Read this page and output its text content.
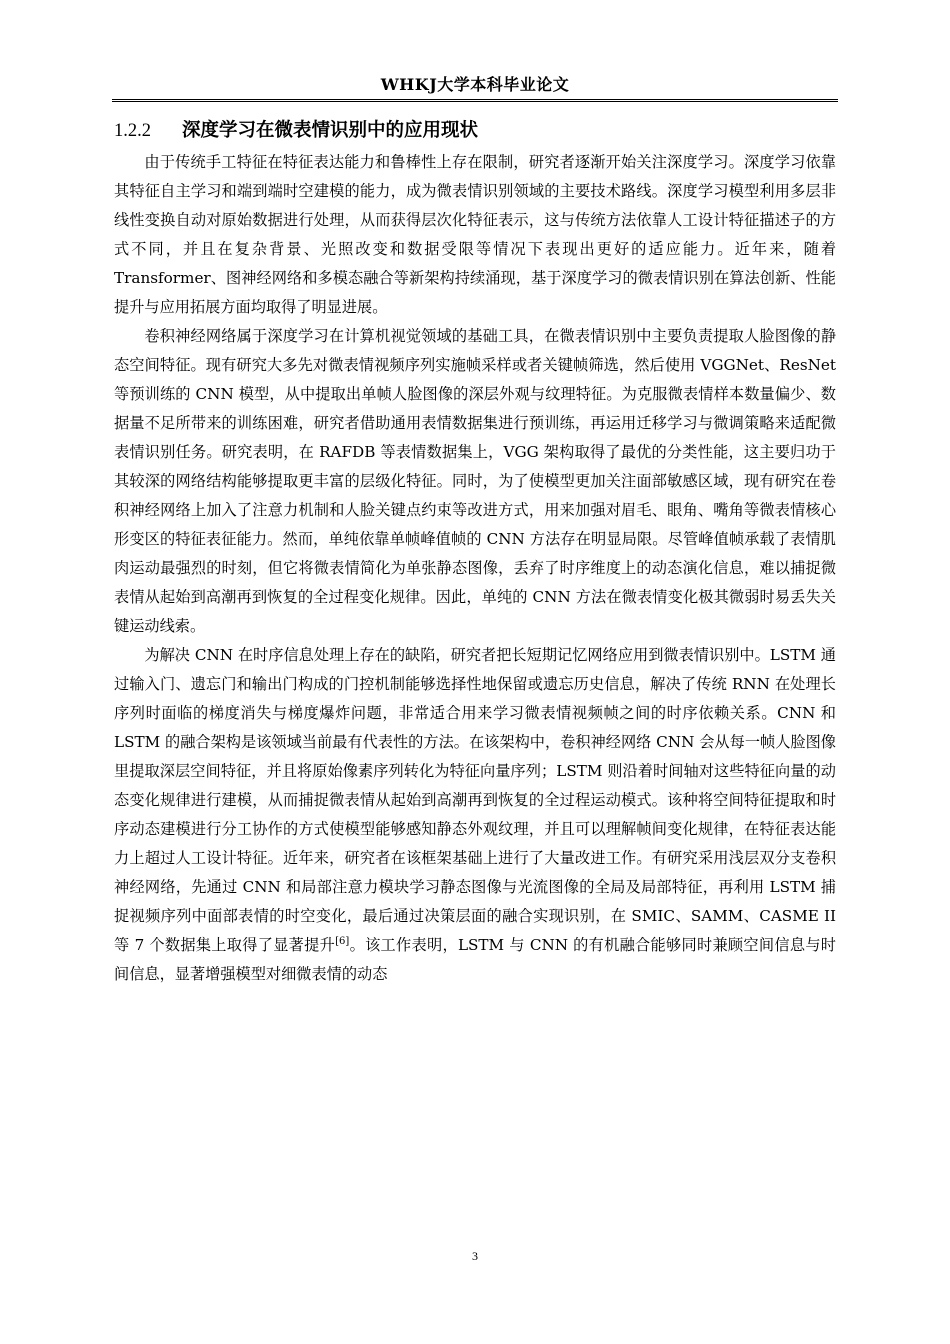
WHKJ大学本科毕业论文
1.2.2 深度学习在微表情识别中的应用现状

由于传统手工特征在特征表达能力和鲁棒性上存在限制，研究者逐渐开始关注深度学习。深度学习依靠其特征自主学习和端到端时空建模的能力，成为微表情识别领域的主要技术路线。深度学习模型利用多层非线性变换自动对原始数据进行处理，从而获得层次化特征表示，这与传统方法依靠人工设计特征描述子的方式不同，并且在复杂背景、光照改变和数据受限等情况下表现出更好的适应能力。近年来，随着 Transformer、图神经网络和多模态融合等新架构持续涌现，基于深度学习的微表情识别在算法创新、性能提升与应用拓展方面均取得了明显进展。

卷积神经网络属于深度学习在计算机视觉领域的基础工具，在微表情识别中主要负责提取人脸图像的静态空间特征。现有研究大多先对微表情视频序列实施帧采样或者关键帧筛选，然后使用 VGGNet、ResNet 等预训练的 CNN 模型，从中提取出单帧人脸图像的深层外观与纹理特征。为克服微表情样本数量偏少、数据量不足所带来的训练困难，研究者借助通用表情数据集进行预训练，再运用迁移学习与微调策略来适配微表情识别任务。研究表明，在 RAFDB 等表情数据集上，VGG 架构取得了最优的分类性能，这主要归功于其较深的网络结构能够提取更丰富的层级化特征。同时，为了使模型更加关注面部敏感区域，现有研究在卷积神经网络上加入了注意力机制和人脸关键点约束等改进方式，用来加强对眉毛、眼角、嘴角等微表情核心形变区的特征表征能力。然而，单纯依靠单帧峰值帧的 CNN 方法存在明显局限。尽管峰值帧承载了表情肌肉运动最强烈的时刻，但它将微表情简化为单张静态图像，丢弃了时序维度上的动态演化信息，难以捕捉微表情从起始到高潮再到恢复的全过程变化规律。因此，单纯的 CNN 方法在微表情变化极其微弱时易丢失关键运动线索。

为解决 CNN 在时序信息处理上存在的缺陷，研究者把长短期记忆网络应用到微表情识别中。LSTM 通过输入门、遗忘门和输出门构成的门控机制能够选择性地保留或遗忘历史信息，解决了传统 RNN 在处理长序列时面临的梯度消失与梯度爆炸问题，非常适合用来学习微表情视频帧之间的时序依赖关系。CNN 和 LSTM 的融合架构是该领域当前最有代表性的方法。在该架构中，卷积神经网络 CNN 会从每一帧人脸图像里提取深层空间特征，并且将原始像素序列转化为特征向量序列；LSTM 则沿着时间轴对这些特征向量的动态变化规律进行建模，从而捕捉微表情从起始到高潮再到恢复的全过程运动模式。该种将空间特征提取和时序动态建模进行分工协作的方式使模型能够感知静态外观纹理，并且可以理解帧间变化规律，在特征表达能力上超过人工设计特征。近年来，研究者在该框架基础上进行了大量改进工作。有研究采用浅层双分支卷积神经网络，先通过 CNN 和局部注意力模块学习静态图像与光流图像的全局及局部特征，再利用 LSTM 捕捉视频序列中面部表情的时空变化，最后通过决策层面的融合实现识别，在 SMIC、SAMM、CASME II 等 7 个数据集上取得了显著提升[6]。该工作表明，LSTM 与 CNN 的有机融合能够同时兼顾空间信息与时间信息，显著增强模型对细微表情的动态

3
